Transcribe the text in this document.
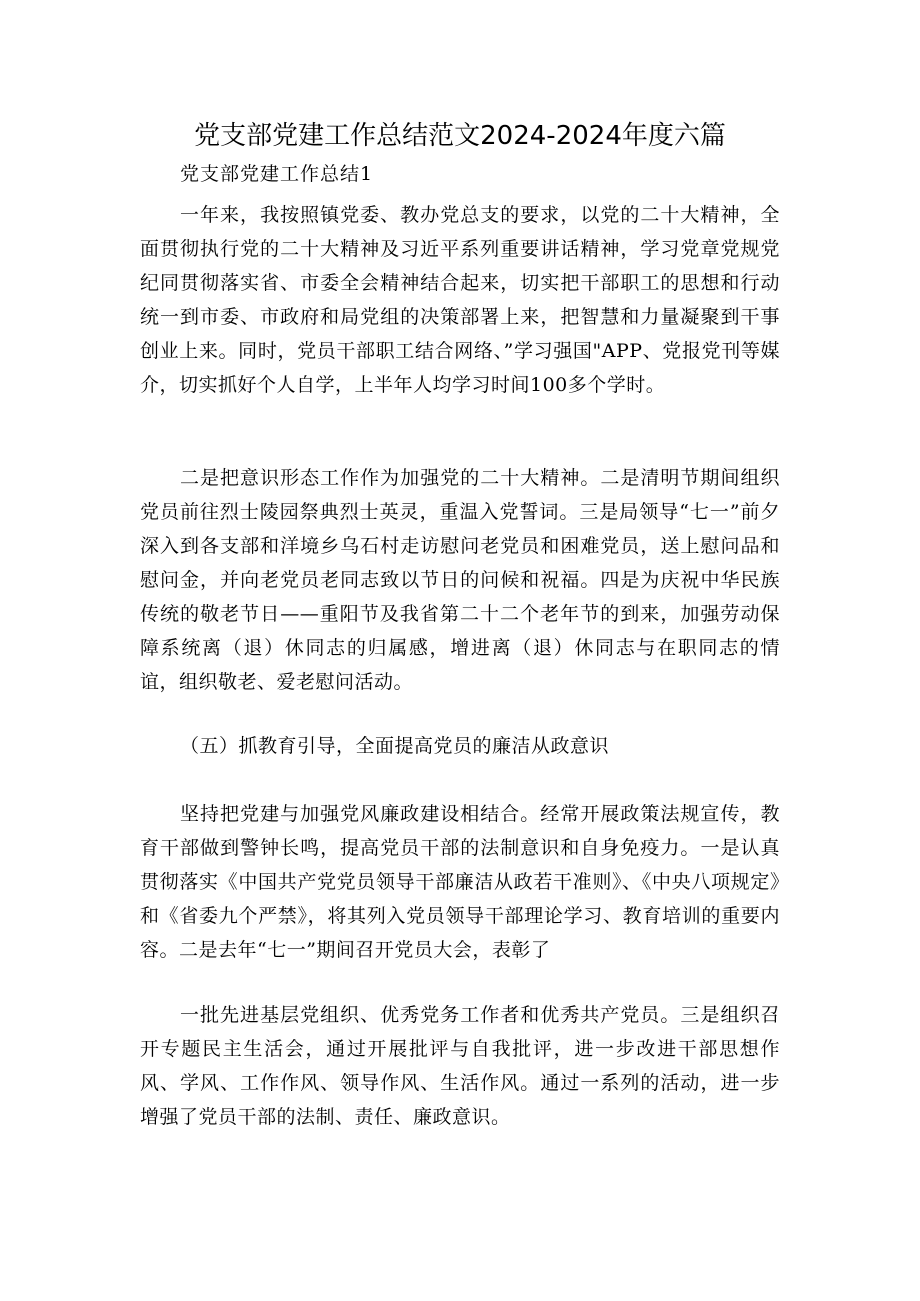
党支部党建工作总结范文2024-2024年度六篇

党支部党建工作总结1

一年来，我按照镇党委、教办党总支的要求，以党的二十大精神，全面贯彻执行党的二十大精神及习近平系列重要讲话精神，学习党章党规党纪同贯彻落实省、市委全会精神结合起来，切实把干部职工的思想和行动统一到市委、市政府和局党组的决策部署上来，把智慧和力量凝聚到干事创业上来。同时，党员干部职工结合网络、”学习强国"APP、党报党刊等媒介，切实抓好个人自学，上半年人均学习时间100多个学时。

二是把意识形态工作作为加强党的二十大精神。二是清明节期间组织党员前往烈士陵园祭典烈士英灵，重温入党誓词。三是局领导“七一”前夕深入到各支部和洋境乡乌石村走访慰问老党员和困难党员，送上慰问品和慰问金，并向老党员老同志致以节日的问候和祝福。四是为庆祝中华民族传统的敬老节日——重阳节及我省第二十二个老年节的到来，加强劳动保障系统离（退）休同志的归属感，增进离（退）休同志与在职同志的情谊，组织敬老、爱老慰问活动。

（五）抓教育引导，全面提高党员的廉洁从政意识

坚持把党建与加强党风廉政建设相结合。经常开展政策法规宣传，教育干部做到警钟长鸣，提高党员干部的法制意识和自身免疫力。一是认真贯彻落实《中国共产党党员领导干部廉洁从政若干准则》、《中央八项规定》和《省委九个严禁》，将其列入党员领导干部理论学习、教育培训的重要内容。二是去年“七一”期间召开党员大会，表彰了

一批先进基层党组织、优秀党务工作者和优秀共产党员。三是组织召开专题民主生活会，通过开展批评与自我批评，进一步改进干部思想作风、学风、工作作风、领导作风、生活作风。通过一系列的活动，进一步增强了党员干部的法制、责任、廉政意识。
